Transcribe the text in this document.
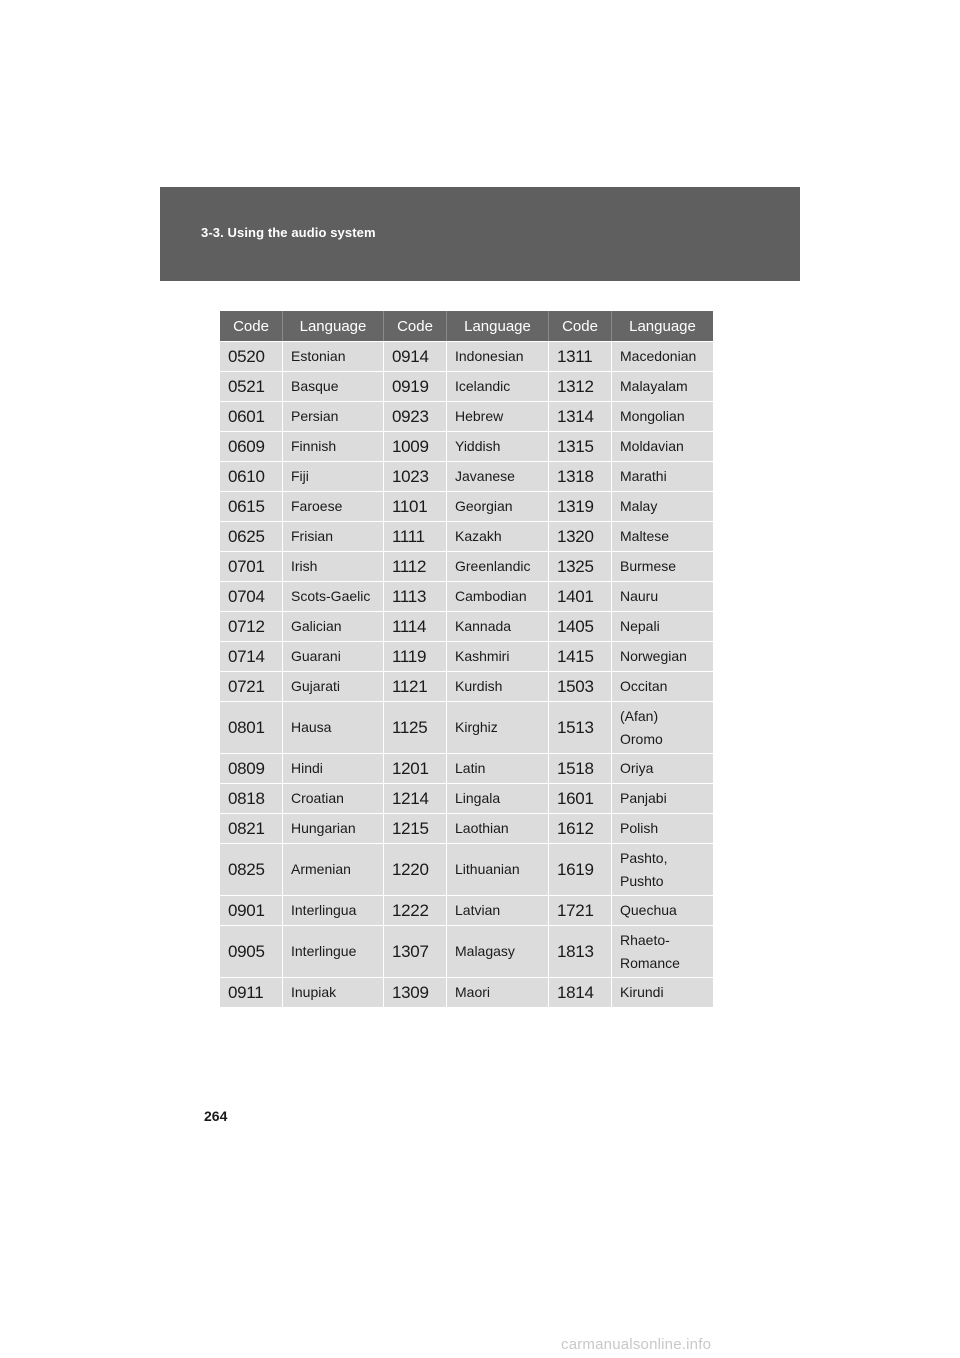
3-3. Using the audio system
Code	Language	Code	Language	Code	Language
0520	Estonian	0914	Indonesian	1311	Macedonian
0521	Basque	0919	Icelandic	1312	Malayalam
0601	Persian	0923	Hebrew	1314	Mongolian
0609	Finnish	1009	Yiddish	1315	Moldavian
0610	Fiji	1023	Javanese	1318	Marathi
0615	Faroese	1101	Georgian	1319	Malay
0625	Frisian	1111	Kazakh	1320	Maltese
0701	Irish	1112	Greenlandic	1325	Burmese
0704	Scots-Gaelic	1113	Cambodian	1401	Nauru
0712	Galician	1114	Kannada	1405	Nepali
0714	Guarani	1119	Kashmiri	1415	Norwegian
0721	Gujarati	1121	Kurdish	1503	Occitan
0801	Hausa	1125	Kirghiz	1513	(Afan)
Oromo
0809	Hindi	1201	Latin	1518	Oriya
0818	Croatian	1214	Lingala	1601	Panjabi
0821	Hungarian	1215	Laothian	1612	Polish
0825	Armenian	1220	Lithuanian	1619	Pashto,
Pushto
0901	Interlingua	1222	Latvian	1721	Quechua
0905	Interlingue	1307	Malagasy	1813	Rhaeto-
Romance
0911	Inupiak	1309	Maori	1814	Kirundi
264
carmanualsonline.info
